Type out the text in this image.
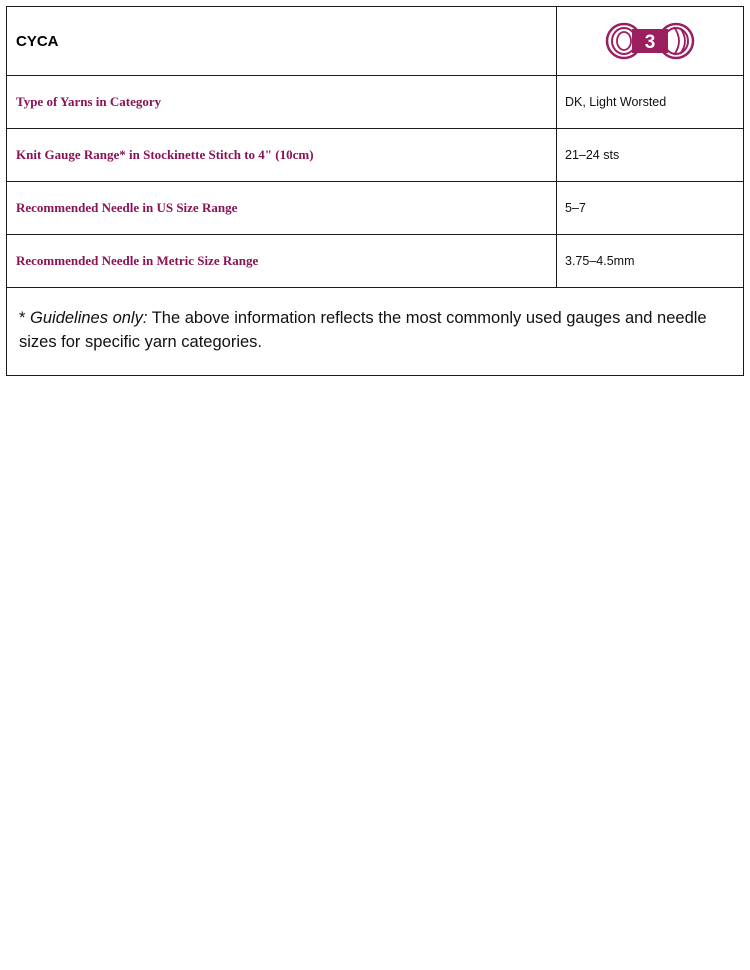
CYCA	3
Type of Yarns in Category	DK, Light Worsted
Knit Gauge Range* in Stockinette Stitch to 4" (10cm)	21–24 sts
Recommended Needle in US Size Range	5–7
Recommended Needle in Metric Size Range	3.75–4.5mm
* Guidelines only: The above information reflects the most commonly used gauges and needle sizes for specific yarn categories.
